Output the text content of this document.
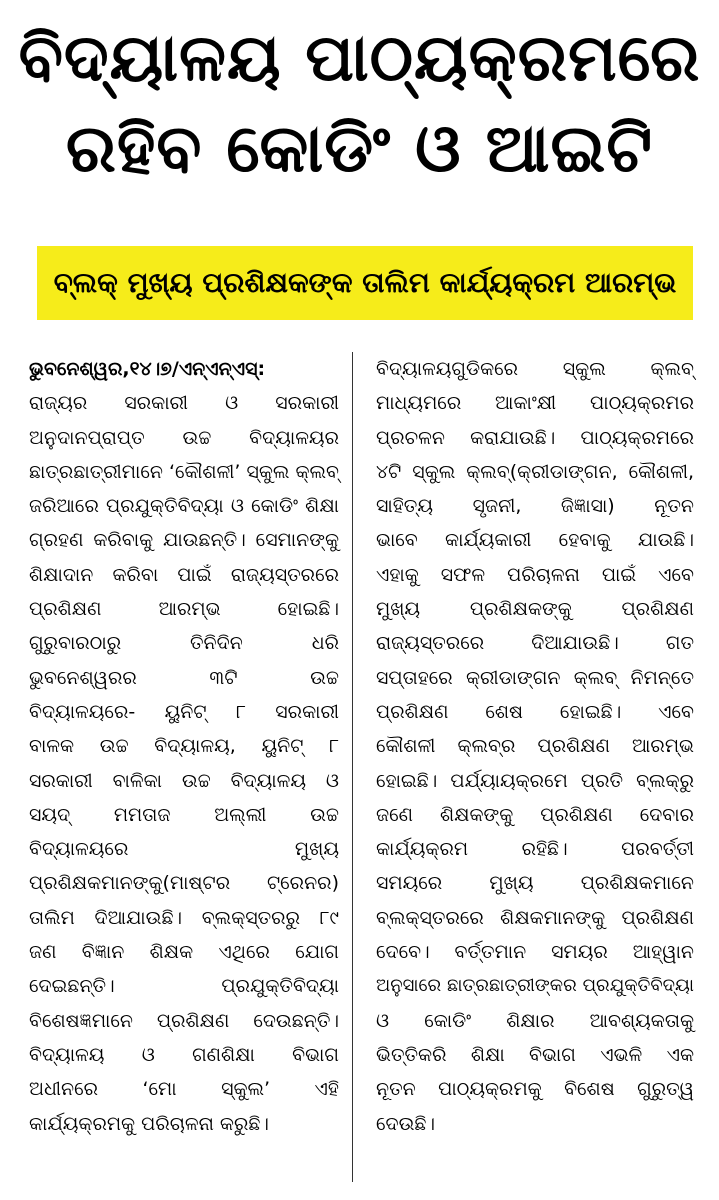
ବିଦ୍ୟାଳୟ ପାଠ୍ୟକ୍ରମରେ
ରହିବ କୋଡିଂ ଓ ଆଇଟି
ବ୍ଲକ୍ ମୁଖ୍ୟ ପ୍ରଶିକ୍ଷକଙ୍କ ତାଲିମ କାର୍ଯ୍ୟକ୍ରମ ଆରମ୍ଭ
ଭୁବନେଶ୍ୱର,୧୪।୭/ଏନ୍‌ଏନ୍‌ଏସ୍:
ରାଜ୍ୟର ସରକାରୀ ଓ ସରକାରୀ
ଅନୁଦାନପ୍ରାପ୍ତ ଉଚ୍ଚ ବିଦ୍ୟାଳୟର
ଛାତ୍ରଛାତ୍ରୀମାନେ ‘କୌଶଳୀ’ ସ୍କୁଲ କ୍ଲବ୍
ଜରିଆରେ ପ୍ରଯୁକ୍ତିବିଦ୍ୟା ଓ କୋଡିଂ ଶିକ୍ଷା
ଗ୍ରହଣ କରିବାକୁ ଯାଉଛନ୍ତି। ସେମାନଙ୍କୁ
ଶିକ୍ଷାଦାନ କରିବା ପାଇଁ ରାଜ୍ୟସ୍ତରରେ
ପ୍ରଶିକ୍ଷଣ ଆରମ୍ଭ ହୋଇଛି।
ଗୁରୁବାରଠାରୁ ତିନିଦିନ ଧରି
ଭୁବନେଶ୍ୱରର ୩ଟି ଉଚ୍ଚ
ବିଦ୍ୟାଳୟରେ- ୟୁନିଟ୍ ୮ ସରକାରୀ
ବାଳକ ଉଚ୍ଚ ବିଦ୍ୟାଳୟ, ୟୁନିଟ୍ ୮
ସରକାରୀ ବାଳିକା ଉଚ୍ଚ ବିଦ୍ୟାଳୟ ଓ
ସୟଦ୍ ମମତାଜ ଅଲ୍ଲୀ ଉଚ୍ଚ
ବିଦ୍ୟାଳୟରେ ମୁଖ୍ୟ
ପ୍ରଶିକ୍ଷକମାନଙ୍କୁ(ମାଷ୍ଟର ଟ୍ରେନର)
ତାଲିମ ଦିଆଯାଉଛି। ବ୍ଲକ୍‌ସ୍ତରରୁ ୮୯
ଜଣ ବିଜ୍ଞାନ ଶିକ୍ଷକ ଏଥିରେ ଯୋଗ
ଦେଇଛନ୍ତି। ପ୍ରଯୁକ୍ତିବିଦ୍ୟା
ବିଶେଷଜ୍ଞମାନେ ପ୍ରଶିକ୍ଷଣ ଦେଉଛନ୍ତି।
ବିଦ୍ୟାଳୟ ଓ ଗଣଶିକ୍ଷା ବିଭାଗ
ଅଧୀନରେ ‘ମୋ ସ୍କୁଲ’ ଏହି
କାର୍ଯ୍ୟକ୍ରମକୁ ପରିଚାଳନା କରୁଛି।
ବିଦ୍ୟାଳୟଗୁଡିକରେ ସ୍କୁଲ କ୍ଲବ୍
ମାଧ୍ୟମରେ ଆକାଂକ୍ଷୀ ପାଠ୍ୟକ୍ରମର
ପ୍ରଚଳନ କରାଯାଉଛି। ପାଠ୍ୟକ୍ରମରେ
୪ଟି ସ୍କୁଲ କ୍ଲବ୍(କ୍ରୀଡାଙ୍ଗନ, କୌଶଳୀ,
ସାହିତ୍ୟ ସୃଜନୀ, ଜିଜ୍ଞାସା) ନୂତନ
ଭାବେ କାର୍ଯ୍ୟକାରୀ ହେବାକୁ ଯାଉଛି।
ଏହାକୁ ସଫଳ ପରିଚାଳନା ପାଇଁ ଏବେ
ମୁଖ୍ୟ ପ୍ରଶିକ୍ଷକଙ୍କୁ ପ୍ରଶିକ୍ଷଣ
ରାଜ୍ୟସ୍ତରରେ ଦିଆଯାଉଛି। ଗତ
ସପ୍ତାହରେ କ୍ରୀଡାଙ୍ଗନ କ୍ଲବ୍ ନିମନ୍ତେ
ପ୍ରଶିକ୍ଷଣ ଶେଷ ହୋଇଛି। ଏବେ
କୌଶଳୀ କ୍ଲବ୍‌ର ପ୍ରଶିକ୍ଷଣ ଆରମ୍ଭ
ହୋଇଛି। ପର୍ଯ୍ୟାୟକ୍ରମେ ପ୍ରତି ବ୍ଲକ୍‌ରୁ
ଜଣେ ଶିକ୍ଷକଙ୍କୁ ପ୍ରଶିକ୍ଷଣ ଦେବାର
କାର୍ଯ୍ୟକ୍ରମ ରହିଛି। ପରବର୍ତ୍ତୀ
ସମୟରେ ମୁଖ୍ୟ ପ୍ରଶିକ୍ଷକମାନେ
ବ୍ଲକ୍‌ସ୍ତରରେ ଶିକ୍ଷକମାନଙ୍କୁ ପ୍ରଶିକ୍ଷଣ
ଦେବେ। ବର୍ତ୍ତମାନ ସମୟର ଆହ୍ୱାନ
ଅନୁସାରେ ଛାତ୍ରଛାତ୍ରୀଙ୍କର ପ୍ରଯୁକ୍ତିବିଦ୍ୟା
ଓ କୋଡିଂ ଶିକ୍ଷାର ଆବଶ୍ୟକତାକୁ
ଭିତ୍ତିକରି ଶିକ୍ଷା ବିଭାଗ ଏଭଳି ଏକ
ନୂତନ ପାଠ୍ୟକ୍ରମକୁ ବିଶେଷ ଗୁରୁତ୍ୱ
ଦେଉଛି।
